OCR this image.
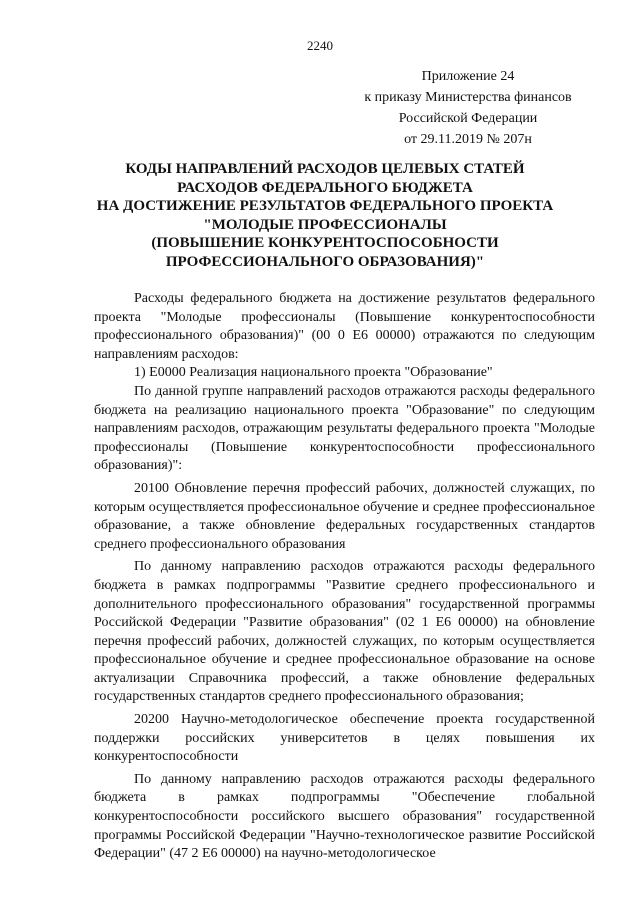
2240
Приложение 24
к приказу Министерства финансов
Российской Федерации
от 29.11.2019 № 207н
КОДЫ НАПРАВЛЕНИЙ РАСХОДОВ ЦЕЛЕВЫХ СТАТЕЙ
РАСХОДОВ ФЕДЕРАЛЬНОГО БЮДЖЕТА
НА ДОСТИЖЕНИЕ РЕЗУЛЬТАТОВ ФЕДЕРАЛЬНОГО ПРОЕКТА
"МОЛОДЫЕ ПРОФЕССИОНАЛЫ
(ПОВЫШЕНИЕ КОНКУРЕНТОСПОСОБНОСТИ
ПРОФЕССИОНАЛЬНОГО ОБРАЗОВАНИЯ)"

Расходы федерального бюджета на достижение результатов федерального проекта "Молодые профессионалы (Повышение конкурентоспособности профессионального образования)" (00 0 Е6 00000) отражаются по следующим направлениям расходов:

1) Е0000 Реализация национального проекта "Образование"

По данной группе направлений расходов отражаются расходы федерального бюджета на реализацию национального проекта "Образование" по следующим направлениям расходов, отражающим результаты федерального проекта "Молодые профессионалы (Повышение конкурентоспособности профессионального образования)":

20100 Обновление перечня профессий рабочих, должностей служащих, по которым осуществляется профессиональное обучение и среднее профессиональное образование, а также обновление федеральных государственных стандартов среднего профессионального образования

По данному направлению расходов отражаются расходы федерального бюджета в рамках подпрограммы "Развитие среднего профессионального и дополнительного профессионального образования" государственной программы Российской Федерации "Развитие образования" (02 1 Е6 00000) на обновление перечня профессий рабочих, должностей служащих, по которым осуществляется профессиональное обучение и среднее профессиональное образование на основе актуализации Справочника профессий, а также обновление федеральных государственных стандартов среднего профессионального образования;

20200 Научно-методологическое обеспечение проекта государственной поддержки российских университетов в целях повышения их конкурентоспособности

По данному направлению расходов отражаются расходы федерального бюджета в рамках подпрограммы "Обеспечение глобальной конкурентоспособности российского высшего образования" государственной программы Российской Федерации "Научно-технологическое развитие Российской Федерации" (47 2 Е6 00000) на научно-методологическое
